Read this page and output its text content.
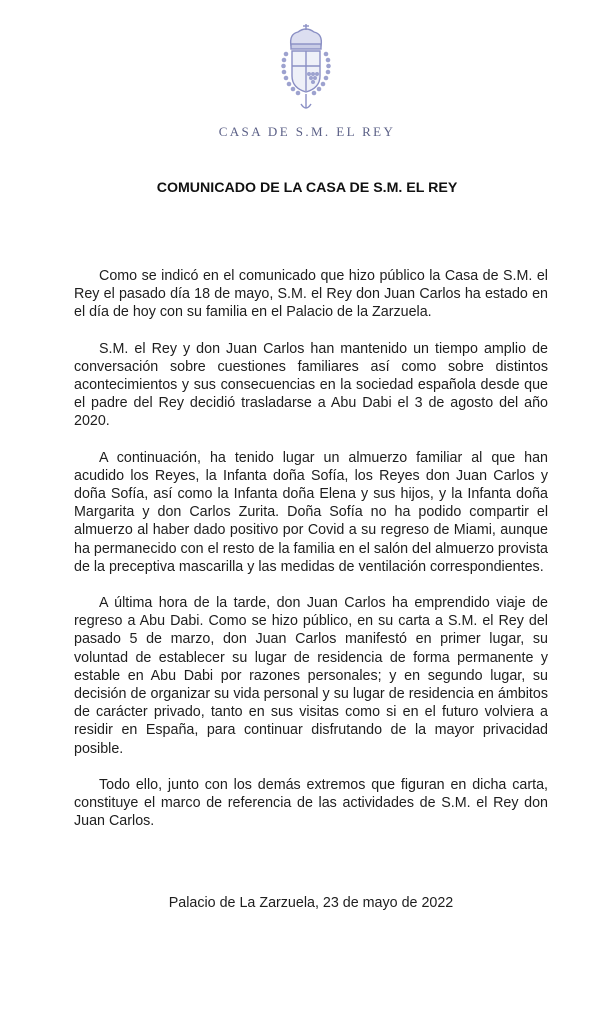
CASA DE S.M. EL REY
COMUNICADO DE LA CASA DE S.M. EL REY

Como se indicó en el comunicado que hizo público la Casa de S.M. el Rey el pasado día 18 de mayo, S.M. el Rey don Juan Carlos ha estado en el día de hoy con su familia en el Palacio de la Zarzuela.

S.M. el Rey y don Juan Carlos han mantenido un tiempo amplio de conversación sobre cuestiones familiares así como sobre distintos acontecimientos y sus consecuencias en la sociedad española desde que el padre del Rey decidió trasladarse a Abu Dabi el 3 de agosto del año 2020.

A continuación, ha tenido lugar un almuerzo familiar al que han acudido los Reyes, la Infanta doña Sofía, los Reyes don Juan Carlos y doña Sofía, así como la Infanta doña Elena y sus hijos, y la Infanta doña Margarita y don Carlos Zurita. Doña Sofía no ha podido compartir el almuerzo al haber dado positivo por Covid a su regreso de Miami, aunque ha permanecido con el resto de la familia en el salón del almuerzo provista de la preceptiva mascarilla y las medidas de ventilación correspondientes.

A última hora de la tarde, don Juan Carlos ha emprendido viaje de regreso a Abu Dabi. Como se hizo público, en su carta a S.M. el Rey del pasado 5 de marzo, don Juan Carlos manifestó en primer lugar, su voluntad de establecer su lugar de residencia de forma permanente y estable en Abu Dabi por razones personales; y en segundo lugar, su decisión de organizar su vida personal y su lugar de residencia en ámbitos de carácter privado, tanto en sus visitas como si en el futuro volviera a residir en España, para continuar disfrutando de la mayor privacidad posible.

Todo ello, junto con los demás extremos que figuran en dicha carta, constituye el marco de referencia de las actividades de S.M. el Rey don Juan Carlos.

Palacio de La Zarzuela, 23 de mayo de 2022
